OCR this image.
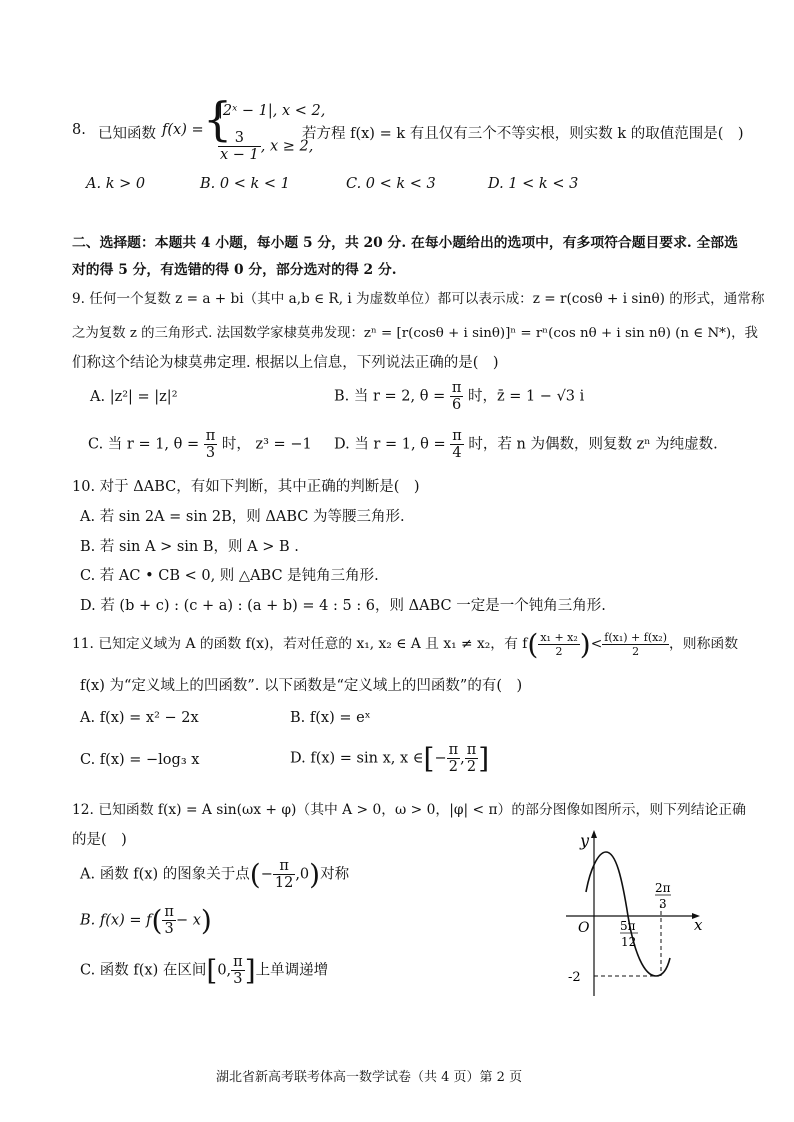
8. 已知函数 f(x) = {
|2ˣ − 1|, x < 2,
$\frac{3}{x - 1}$ , x ≥ 2,
若方程 f(x) = k 有且仅有三个不等实根，则实数 k 的取值范围是(　)
A. k > 0	B. 0 < k < 1	C. 0 < k < 3	D. 1 < k < 3
二、选择题：本题共 4 小题，每小题 5 分，共 20 分. 在每小题给出的选项中，有多项符合题目要求. 全部选
对的得 5 分，有选错的得 0 分，部分选对的得 2 分.
9. 任何一个复数 z = a + bi（其中 a,b ∈ R, i 为虚数单位）都可以表示成：z = r(cosθ + i sinθ) 的形式，通常称
之为复数 z 的三角形式. 法国数学家棣莫弗发现：zⁿ = [r(cosθ + i sinθ)]ⁿ = rⁿ(cos nθ + i sin nθ) (n ∈ N*)，我
们称这个结论为棣莫弗定理. 根据以上信息，下列说法正确的是(　)
A. |z²| = |z|²	B. 当 r = 2, $\theta = \frac{\pi}{6}$ 时，z̄ = 1 − √3 i
C. 当 r = 1, $\theta = \frac{\pi}{3}$ 时， z³ = −1 D. 当 r = 1, $\theta = \frac{\pi}{4}$ 时，若 n 为偶数，则复数 zⁿ 为纯虚数.
10. 对于 ΔABC，有如下判断，其中正确的判断是(　)
A. 若 sin 2A = sin 2B，则 ΔABC 为等腰三角形.
B. 若 sin A > sin B，则 A > B .
C. 若 AC • CB < 0, 则 △ABC 是钝角三角形.
D. 若 (b + c) : (c + a) : (a + b) = 4 : 5 : 6，则 ΔABC 一定是一个钝角三角形.
11. 已知定义域为 A 的函数 f(x)，若对任意的 x₁, x₂ ∈ A 且 x₁ ≠ x₂，有 $f( \frac{\text{x₁ + x₂}}{2}$ )< $\frac{\text{f(x₁) + f(x₂)}}{2}$ ，则称函数
f(x) 为“定义域上的凹函数”. 以下函数是“定义域上的凹函数”的有(　)
A. f(x) = x² − 2x	B. f(x) = eˣ
C. f(x) = −log₃ x	D. f(x) = sin x, x ∈[− $\frac{\pi}{2}$ , $\frac{\pi}{2}$ ]
12. 已知函数 f(x) = A sin(ωx + φ)（其中 A > 0，ω > 0，|φ| < π）的部分图像如图所示，则下列结论正确
的是(　)
A. 函数 f(x) 的图象关于点(− $\frac{\pi}{12} ,0$)对称
B. $f(x) = f( \frac{\pi}{3} - x)$
C. 函数 f(x) 在区间[0, $\frac{\pi}{3}$ ]上单调递增
y
x
O	5π
12
2π
3
-2
湖北省新高考联考体高一数学试卷（共 4 页）第 2 页
